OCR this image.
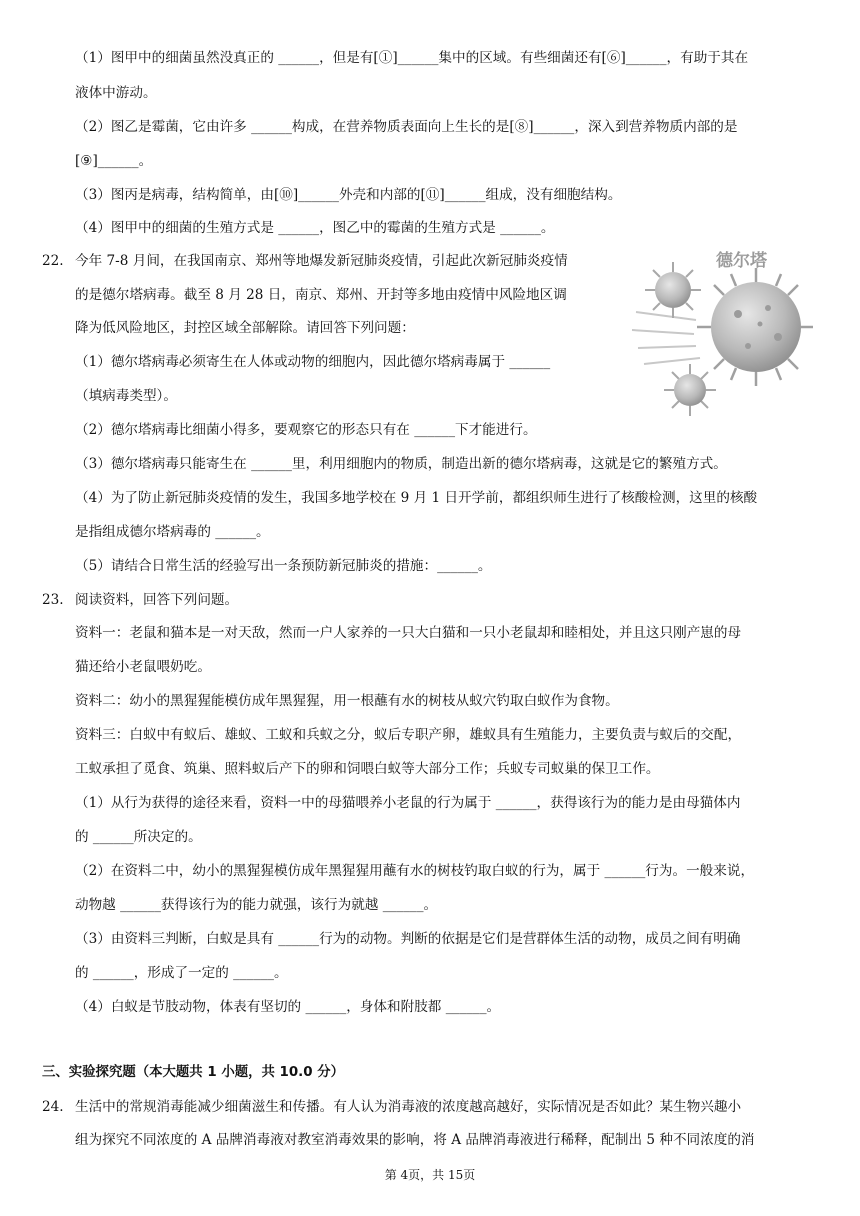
（1）图甲中的细菌虽然没真正的 ______，但是有[①]______集中的区域。有些细菌还有[⑥]______，有助于其在
液体中游动。
（2）图乙是霉菌，它由许多 ______构成，在营养物质表面向上生长的是[⑧]______，深入到营养物质内部的是
[⑨]______。
（3）图丙是病毒，结构简单，由[⑩]______外壳和内部的[⑪]______组成，没有细胞结构。
（4）图甲中的细菌的生殖方式是 ______，图乙中的霉菌的生殖方式是 ______。
22. 今年 7-8 月间，在我国南京、郑州等地爆发新冠肺炎疫情，引起此次新冠肺炎疫情
的是德尔塔病毒。截至 8 月 28 日，南京、郑州、开封等多地由疫情中风险地区调
降为低风险地区，封控区域全部解除。请回答下列问题：
（1）德尔塔病毒必须寄生在人体或动物的细胞内，因此德尔塔病毒属于 ______
（填病毒类型）。
（2）德尔塔病毒比细菌小得多，要观察它的形态只有在 ______下才能进行。
（3）德尔塔病毒只能寄生在 ______里，利用细胞内的物质，制造出新的德尔塔病毒，这就是它的繁殖方式。
（4）为了防止新冠肺炎疫情的发生，我国多地学校在 9 月 1 日开学前，都组织师生进行了核酸检测，这里的核酸
是指组成德尔塔病毒的 ______。
（5）请结合日常生活的经验写出一条预防新冠肺炎的措施：______。
德尔塔
23. 阅读资料，回答下列问题。
资料一：老鼠和猫本是一对天敌，然而一户人家养的一只大白猫和一只小老鼠却和睦相处，并且这只刚产崽的母
猫还给小老鼠喂奶吃。
资料二：幼小的黑猩猩能模仿成年黑猩猩，用一根蘸有水的树枝从蚁穴钓取白蚁作为食物。
资料三：白蚁中有蚁后、雄蚁、工蚁和兵蚁之分，蚁后专职产卵，雄蚁具有生殖能力，主要负责与蚁后的交配，
工蚁承担了觅食、筑巢、照料蚁后产下的卵和饲喂白蚁等大部分工作；兵蚁专司蚁巢的保卫工作。
（1）从行为获得的途径来看，资料一中的母猫喂养小老鼠的行为属于 ______，获得该行为的能力是由母猫体内
的 ______所决定的。
（2）在资料二中，幼小的黑猩猩模仿成年黑猩猩用蘸有水的树枝钓取白蚁的行为，属于 ______行为。一般来说，
动物越 ______获得该行为的能力就强，该行为就越 ______。
（3）由资料三判断，白蚁是具有 ______行为的动物。判断的依据是它们是营群体生活的动物，成员之间有明确
的 ______，形成了一定的 ______。
（4）白蚁是节肢动物，体表有坚切的 ______，身体和附肢都 ______。
三、实验探究题（本大题共 1 小题，共 10.0 分）
24. 生活中的常规消毒能减少细菌滋生和传播。有人认为消毒液的浓度越高越好，实际情况是否如此？某生物兴趣小
组为探究不同浓度的 A 品牌消毒液对教室消毒效果的影响，将 A 品牌消毒液进行稀释，配制出 5 种不同浓度的消
第 4页，共 15页
